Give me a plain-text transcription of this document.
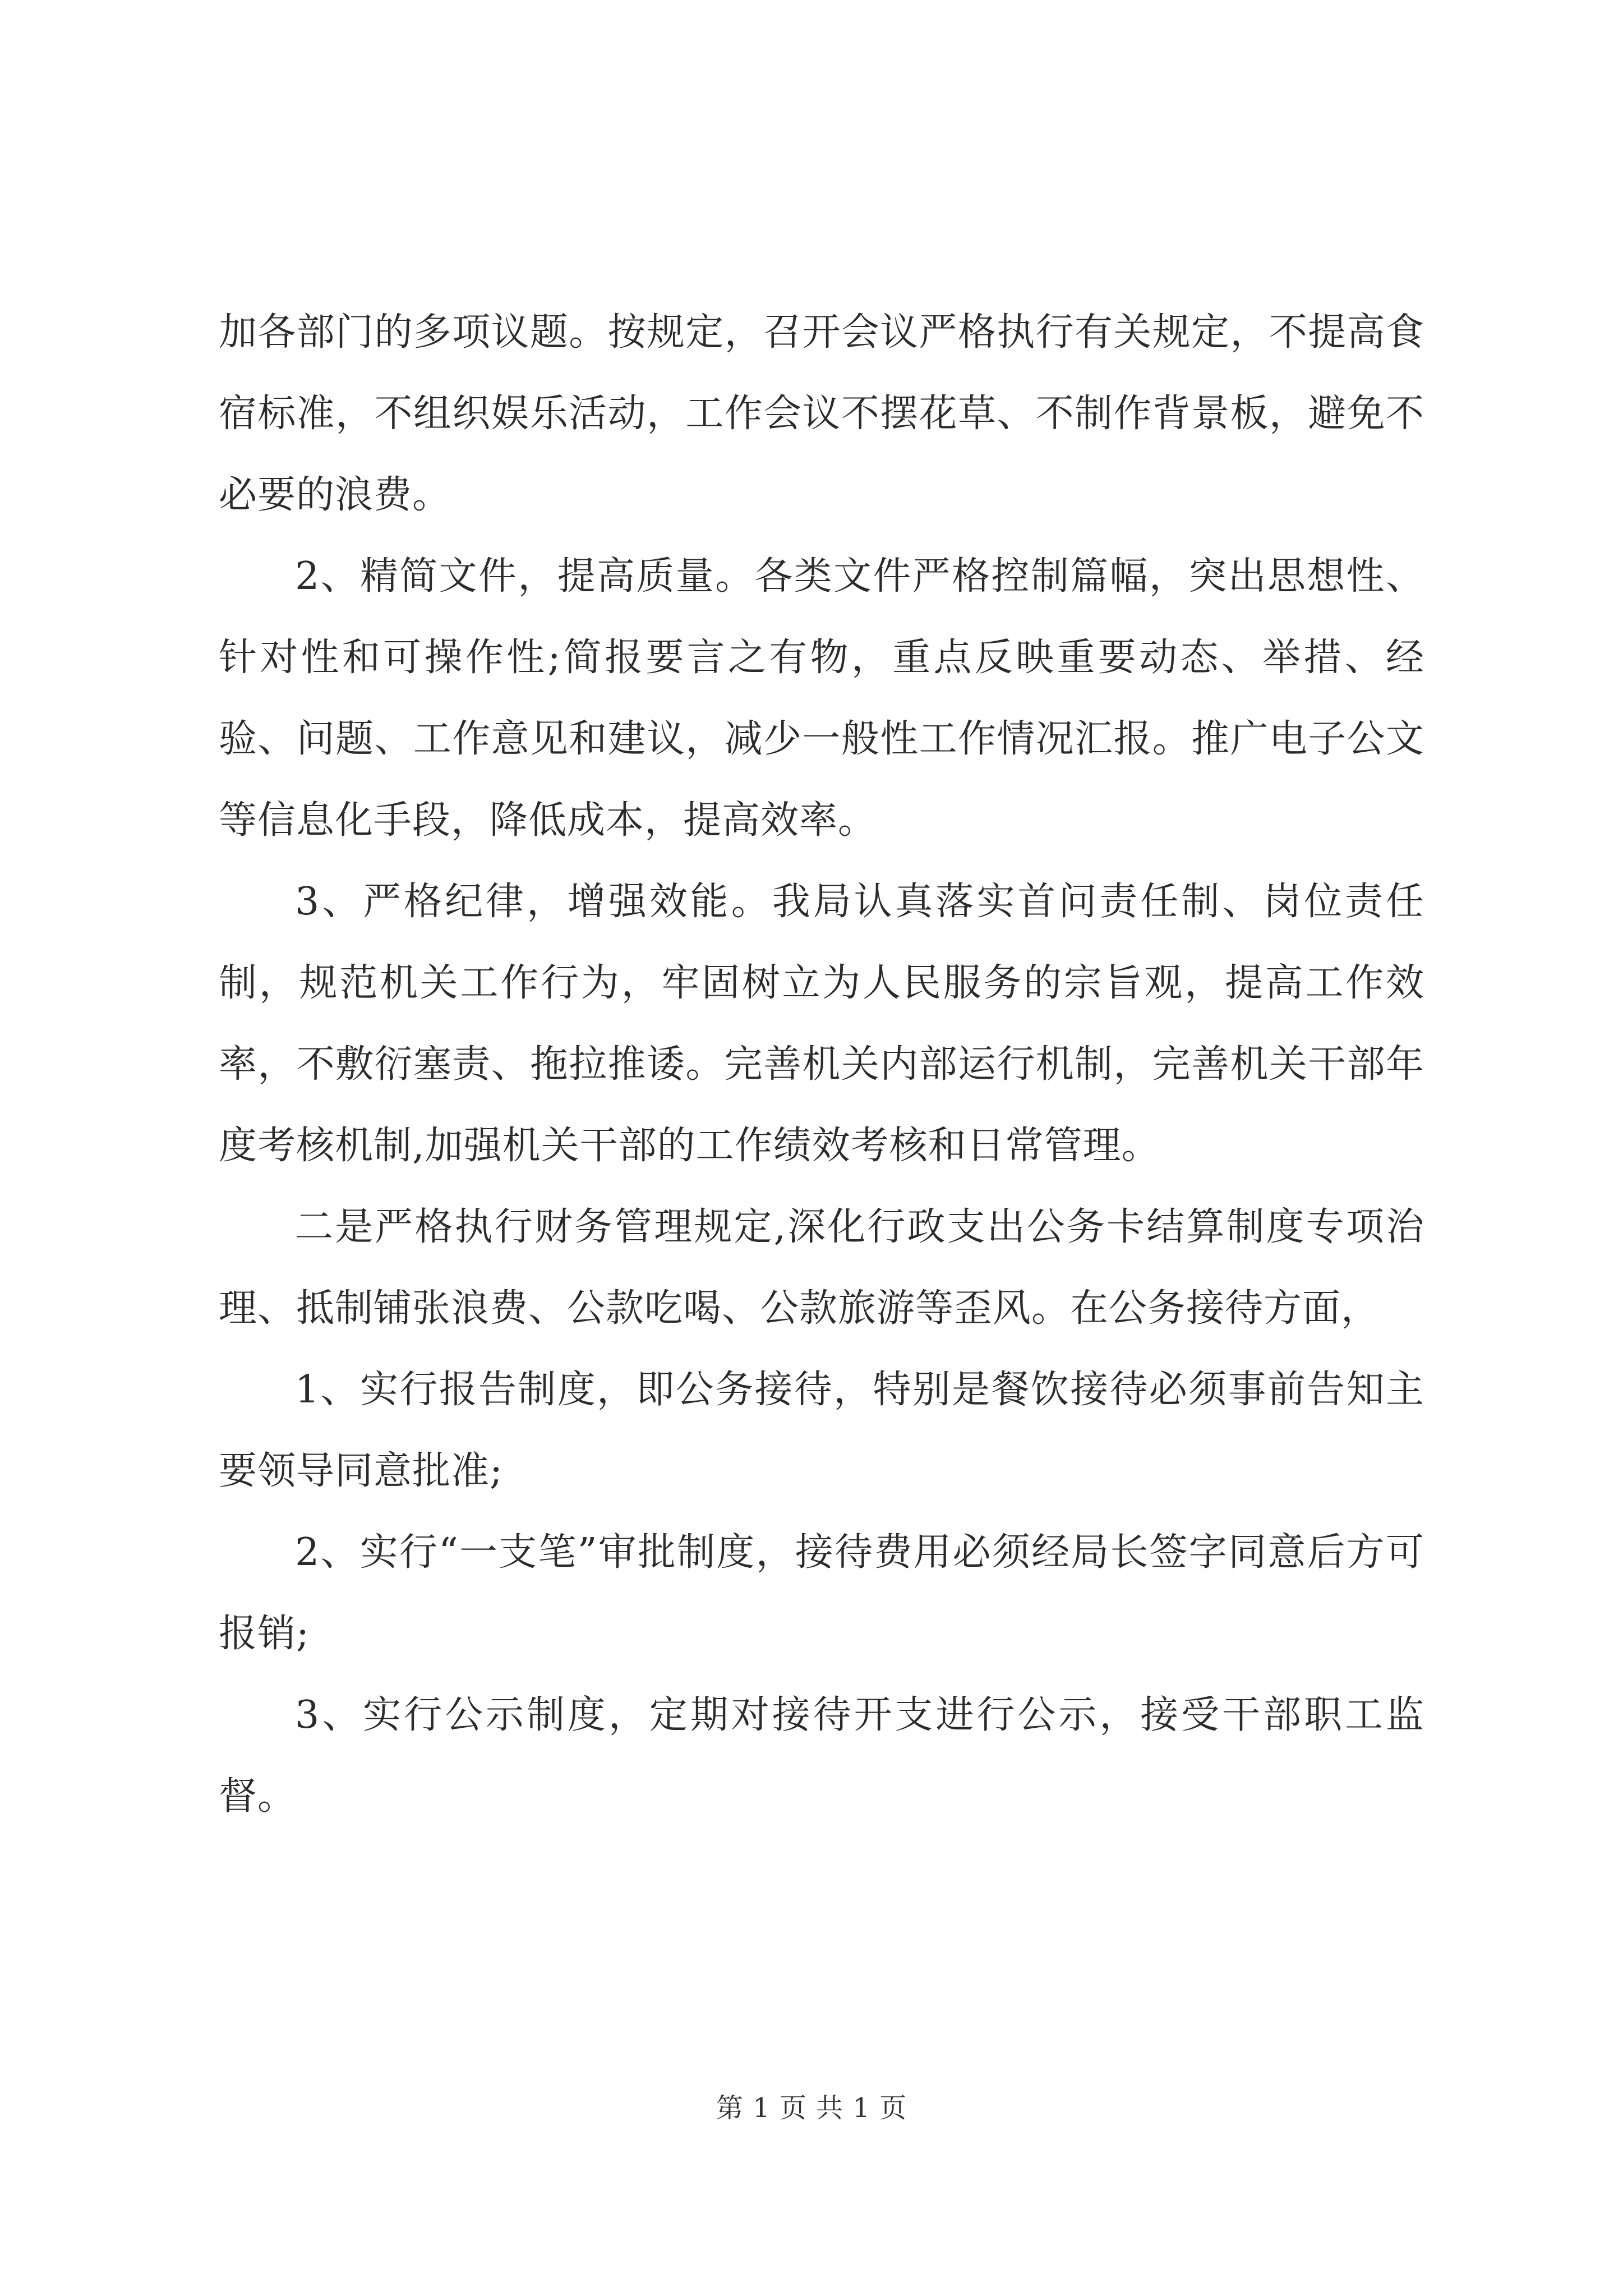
加各部门的多项议题。按规定，召开会议严格执行有关规定，不提高食宿标准，不组织娱乐活动，工作会议不摆花草、不制作背景板，避免不必要的浪费。

2、精简文件，提高质量。各类文件严格控制篇幅，突出思想性、针对性和可操作性;简报要言之有物，重点反映重要动态、举措、经验、问题、工作意见和建议，减少一般性工作情况汇报。推广电子公文等信息化手段，降低成本，提高效率。

3、严格纪律，增强效能。我局认真落实首问责任制、岗位责任制，规范机关工作行为，牢固树立为人民服务的宗旨观，提高工作效率，不敷衍塞责、拖拉推诿。完善机关内部运行机制，完善机关干部年度考核机制,加强机关干部的工作绩效考核和日常管理。

二是严格执行财务管理规定,深化行政支出公务卡结算制度专项治理、抵制铺张浪费、公款吃喝、公款旅游等歪风。在公务接待方面，

1、实行报告制度，即公务接待，特别是餐饮接待必须事前告知主要领导同意批准;

2、实行“一支笔”审批制度，接待费用必须经局长签字同意后方可报销;

3、实行公示制度，定期对接待开支进行公示，接受干部职工监督。

第 1 页 共 1 页
